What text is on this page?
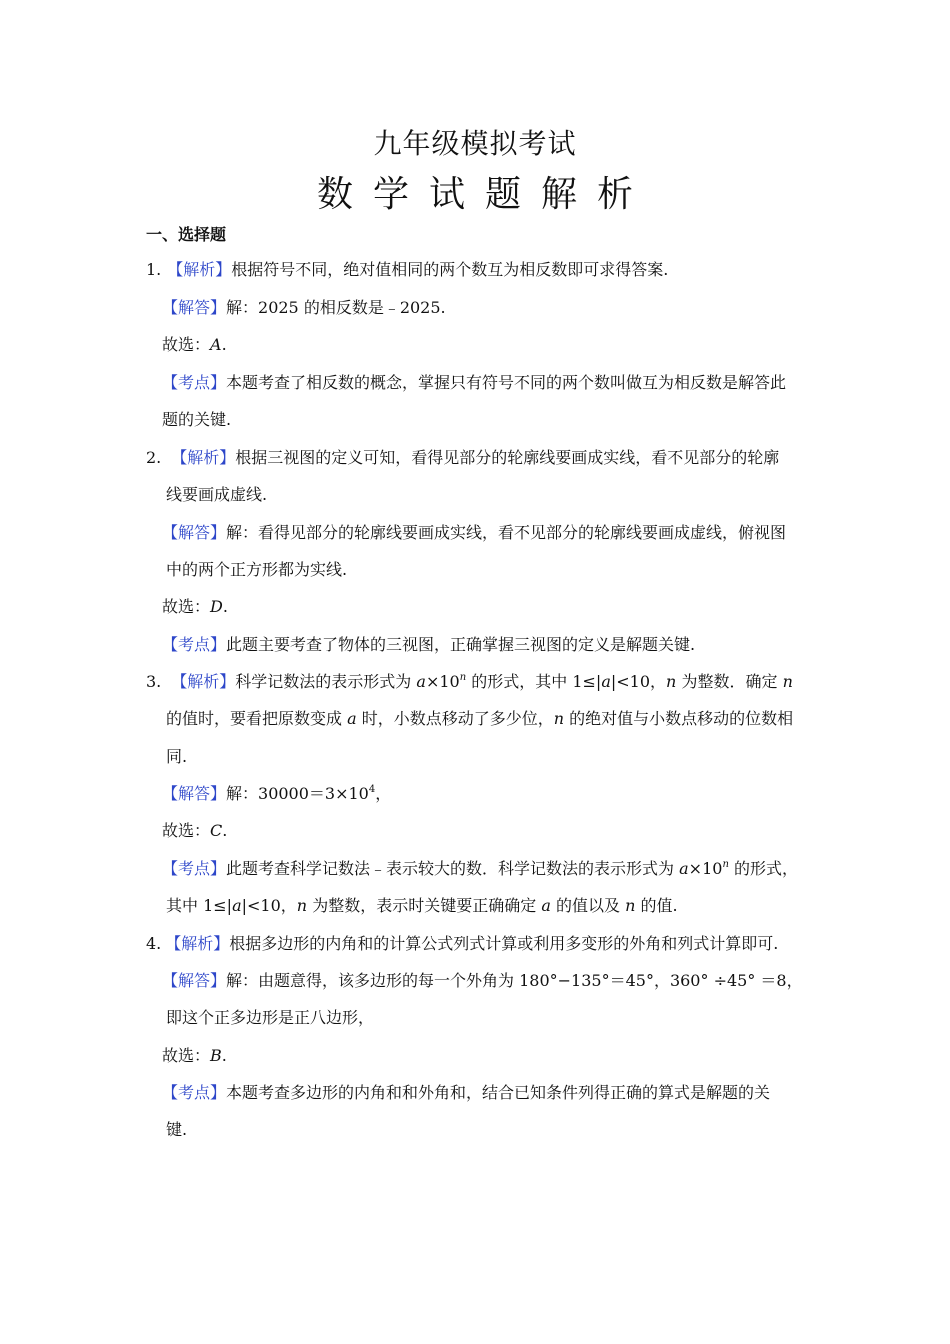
九年级模拟考试
数学试题解析
一、选择题
1. 【解析】根据符号不同，绝对值相同的两个数互为相反数即可求得答案.
【解答】解：2025 的相反数是﹣2025.
故选：A.
【考点】本题考查了相反数的概念，掌握只有符号不同的两个数叫做互为相反数是解答此
题的关键.
2. 【解析】根据三视图的定义可知，看得见部分的轮廓线要画成实线，看不见部分的轮廓
线要画成虚线.
【解答】解：看得见部分的轮廓线要画成实线，看不见部分的轮廓线要画成虚线，俯视图
中的两个正方形都为实线.
故选：D.
【考点】此题主要考查了物体的三视图，正确掌握三视图的定义是解题关键.
3. 【解析】科学记数法的表示形式为 $a\times 10^n$ 的形式，其中 1≤|a|<10，n 为整数．确定 n
的值时，要看把原数变成 a 时，小数点移动了多少位，n 的绝对值与小数点移动的位数相
同.
【解答】解：$30000=3\times 10^4$，
故选：C.
【考点】此题考查科学记数法﹣表示较大的数．科学记数法的表示形式为 $a\times 10^n$ 的形式，
其中 1≤|a|<10，n 为整数，表示时关键要正确确定 a 的值以及 n 的值.
4. 【解析】根据多边形的内角和的计算公式列式计算或利用多变形的外角和列式计算即可.
【解答】解：由题意得，该多边形的每一个外角为 180°−135°＝45°，360° ÷45° ＝8，
即这个正多边形是正八边形，
故选：B.
【考点】本题考查多边形的内角和和外角和，结合已知条件列得正确的算式是解题的关
键.
